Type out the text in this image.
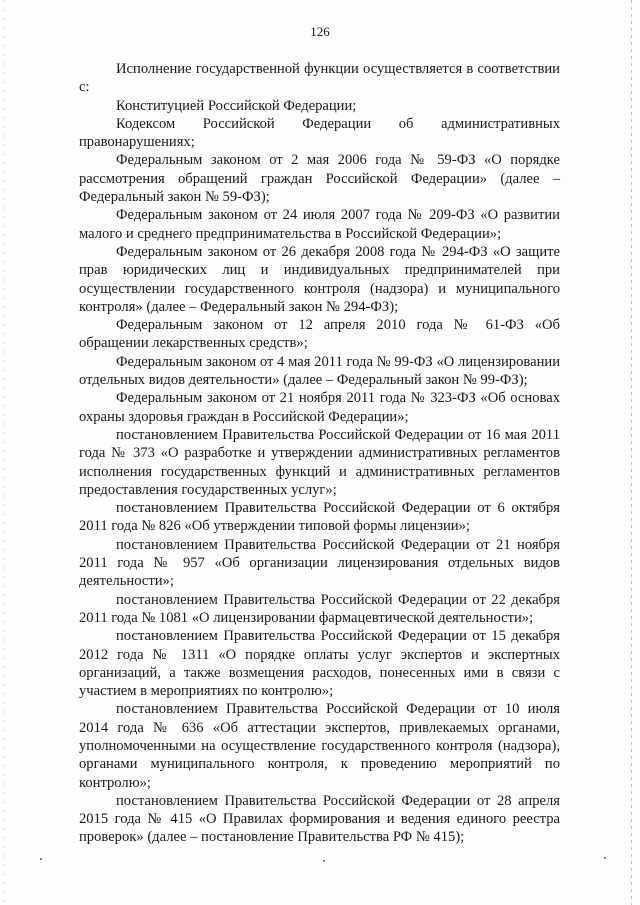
126

Исполнение государственной функции осуществляется в соответствии с:

Конституцией Российской Федерации;

Кодексом Российской Федерации об административных правонарушениях;

Федеральным законом от 2 мая 2006 года № 59-ФЗ «О порядке рассмотрения обращений граждан Российской Федерации» (далее – Федеральный закон № 59-ФЗ);

Федеральным законом от 24 июля 2007 года № 209-ФЗ «О развитии малого и среднего предпринимательства в Российской Федерации»;

Федеральным законом от 26 декабря 2008 года № 294-ФЗ «О защите прав юридических лиц и индивидуальных предпринимателей при осуществлении государственного контроля (надзора) и муниципального контроля» (далее – Федеральный закон № 294-ФЗ);

Федеральным законом от 12 апреля 2010 года № 61-ФЗ «Об обращении лекарственных средств»;

Федеральным законом от 4 мая 2011 года № 99-ФЗ «О лицензировании отдельных видов деятельности» (далее – Федеральный закон № 99-ФЗ);

Федеральным законом от 21 ноября 2011 года № 323-ФЗ «Об основах охраны здоровья граждан в Российской Федерации»;

постановлением Правительства Российской Федерации от 16 мая 2011 года № 373 «О разработке и утверждении административных регламентов исполнения государственных функций и административных регламентов предоставления государственных услуг»;

постановлением Правительства Российской Федерации от 6 октября 2011 года № 826 «Об утверждении типовой формы лицензии»;

постановлением Правительства Российской Федерации от 21 ноября 2011 года № 957 «Об организации лицензирования отдельных видов деятельности»;

постановлением Правительства Российской Федерации от 22 декабря 2011 года № 1081 «О лицензировании фармацевтической деятельности»;

постановлением Правительства Российской Федерации от 15 декабря 2012 года № 1311 «О порядке оплаты услуг экспертов и экспертных организаций, а также возмещения расходов, понесенных ими в связи с участием в мероприятиях по контролю»;

постановлением Правительства Российской Федерации от 10 июля 2014 года № 636 «Об аттестации экспертов, привлекаемых органами, уполномоченными на осуществление государственного контроля (надзора), органами муниципального контроля, к проведению мероприятий по контролю»;

постановлением Правительства Российской Федерации от 28 апреля 2015 года № 415 «О Правилах формирования и ведения единого реестра проверок» (далее – постановление Правительства РФ № 415);
